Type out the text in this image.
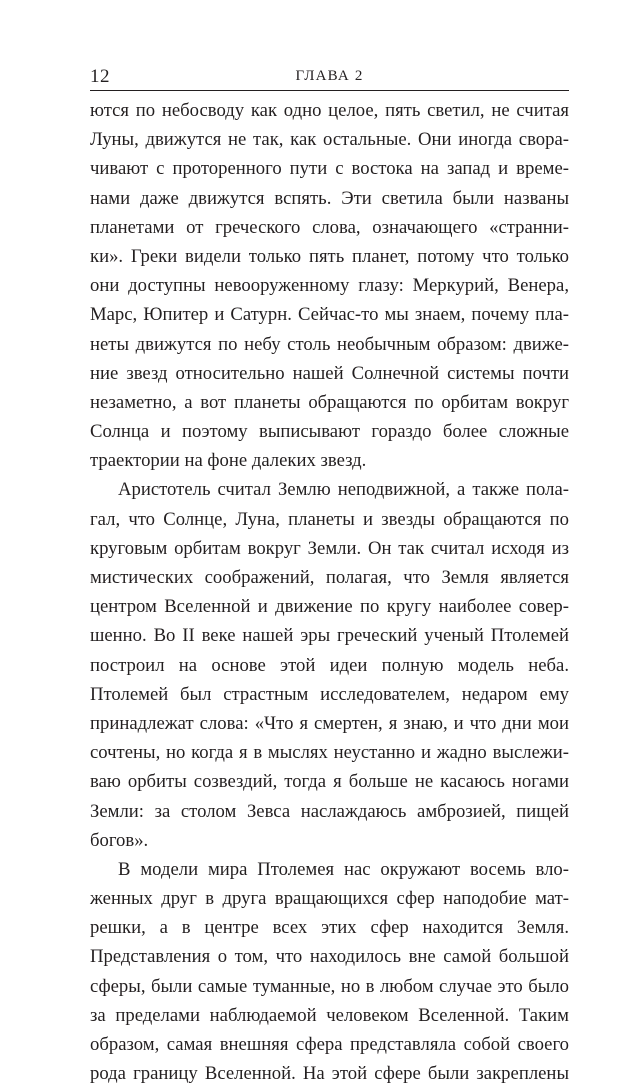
12	ГЛАВА 2
ются по небосводу как одно целое, пять светил, не считая
Луны, движутся не так, как остальные. Они иногда свора-
чивают с проторенного пути с востока на запад и време-
нами даже движутся вспять. Эти светила были названы
планетами от греческого слова, означающего «странни-
ки». Греки видели только пять планет, потому что только
они доступны невооруженному глазу: Меркурий, Венера,
Марс, Юпитер и Сатурн. Сейчас-то мы знаем, почему пла-
неты движутся по небу столь необычным образом: движе-
ние звезд относительно нашей Солнечной системы почти
незаметно, а вот планеты обращаются по орбитам вокруг
Солнца и поэтому выписывают гораздо более сложные
траектории на фоне далеких звезд.
Аристотель считал Землю неподвижной, а также пола-
гал, что Солнце, Луна, планеты и звезды обращаются по
круговым орбитам вокруг Земли. Он так считал исходя из
мистических соображений, полагая, что Земля является
центром Вселенной и движение по кругу наиболее совер-
шенно. Во II веке нашей эры греческий ученый Птолемей
построил на основе этой идеи полную модель неба.
Птолемей был страстным исследователем, недаром ему
принадлежат слова: «Что я смертен, я знаю, и что дни мои
сочтены, но когда я в мыслях неустанно и жадно выслежи-
ваю орбиты созвездий, тогда я больше не касаюсь ногами
Земли: за столом Зевса наслаждаюсь амброзией, пищей
богов».
В модели мира Птолемея нас окружают восемь вло-
женных друг в друга вращающихся сфер наподобие мат-
решки, а в центре всех этих сфер находится Земля.
Представления о том, что находилось вне самой большой
сферы, были самые туманные, но в любом случае это было
за пределами наблюдаемой человеком Вселенной. Таким
образом, самая внешняя сфера представляла собой своего
рода границу Вселенной. На этой сфере были закреплены
